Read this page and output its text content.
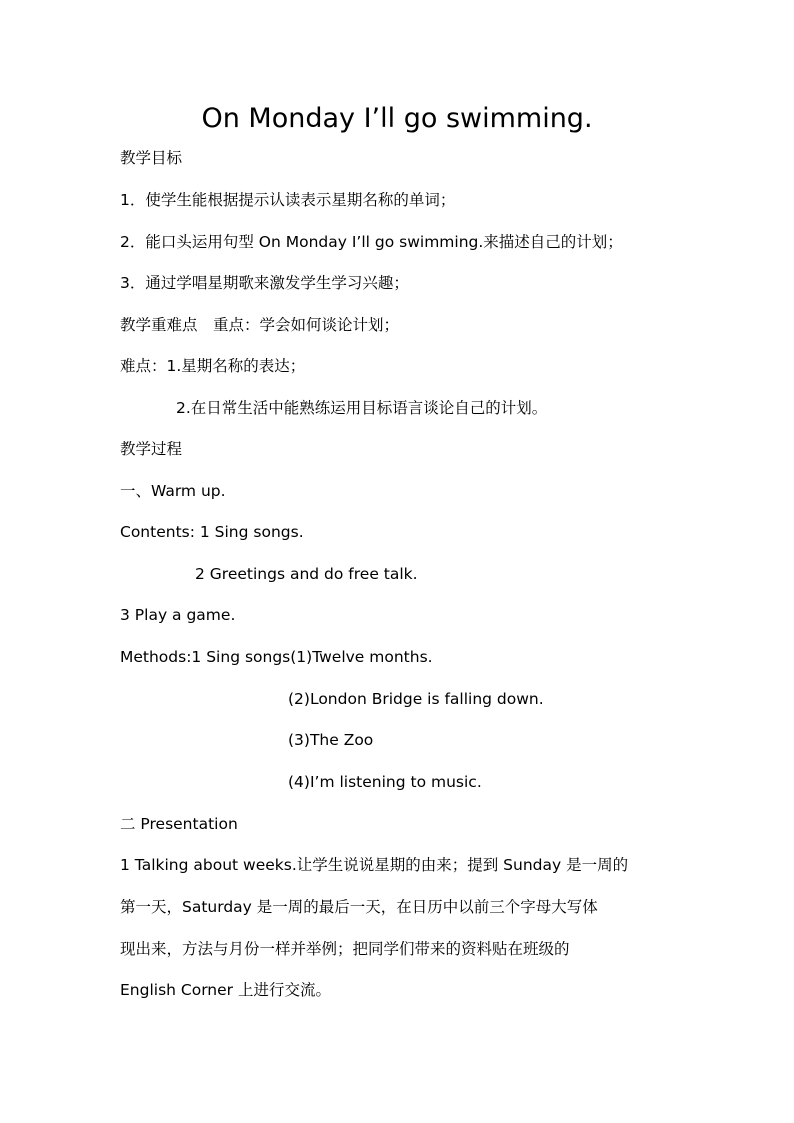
On Monday I’ll go swimming.
教学目标
1．使学生能根据提示认读表示星期名称的单词；
2．能口头运用句型 On Monday I’ll go swimming.来描述自己的计划；
3．通过学唱星期歌来激发学生学习兴趣；
教学重难点　重点：学会如何谈论计划；
难点：1.星期名称的表达；
2.在日常生活中能熟练运用目标语言谈论自己的计划。
教学过程
一、Warm up.
Contents: 1 Sing songs.
2 Greetings and do free talk.
3 Play a game.
Methods:1 Sing songs(1)Twelve months.
(2)London Bridge is falling down.
(3)The Zoo
(4)I’m listening to music.
二 Presentation
1 Talking about weeks.让学生说说星期的由来；提到 Sunday 是一周的
第一天，Saturday 是一周的最后一天，在日历中以前三个字母大写体
现出来，方法与月份一样并举例；把同学们带来的资料贴在班级的
English Corner 上进行交流。
